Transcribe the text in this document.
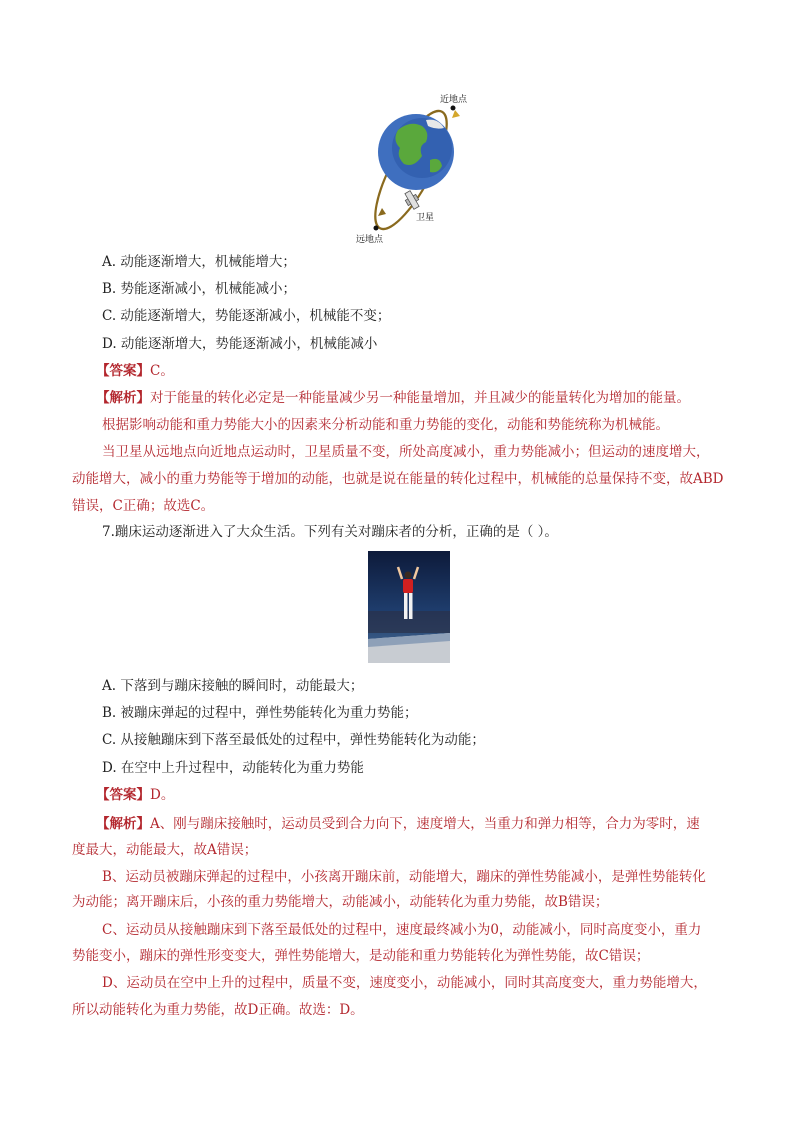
近地点
远地点
卫星
A. 动能逐渐增大，机械能增大；
B. 势能逐渐减小，机械能减小；
C. 动能逐渐增大，势能逐渐减小，机械能不变；
D. 动能逐渐增大，势能逐渐减小，机械能减小
【答案】C。
【解析】对于能量的转化必定是一种能量减少另一种能量增加，并且减少的能量转化为增加的能量。
根据影响动能和重力势能大小的因素来分析动能和重力势能的变化，动能和势能统称为机械能。
当卫星从远地点向近地点运动时，卫星质量不变，所处高度减小，重力势能减小；但运动的速度增大，
动能增大，减小的重力势能等于增加的动能，也就是说在能量的转化过程中，机械能的总量保持不变，故ABD
错误，C正确；故选C。
7.蹦床运动逐渐进入了大众生活。下列有关对蹦床者的分析，正确的是（ ）。
A. 下落到与蹦床接触的瞬间时，动能最大；
B. 被蹦床弹起的过程中，弹性势能转化为重力势能；
C. 从接触蹦床到下落至最低处的过程中，弹性势能转化为动能；
D. 在空中上升过程中，动能转化为重力势能
【答案】D。
【解析】A、刚与蹦床接触时，运动员受到合力向下，速度增大，当重力和弹力相等，合力为零时，速
度最大，动能最大，故A错误；
B、运动员被蹦床弹起的过程中，小孩离开蹦床前，动能增大，蹦床的弹性势能减小，是弹性势能转化
为动能；离开蹦床后，小孩的重力势能增大，动能减小，动能转化为重力势能，故B错误；
C、运动员从接触蹦床到下落至最低处的过程中，速度最终减小为0，动能减小，同时高度变小，重力
势能变小，蹦床的弹性形变变大，弹性势能增大，是动能和重力势能转化为弹性势能，故C错误；
D、运动员在空中上升的过程中，质量不变，速度变小，动能减小，同时其高度变大，重力势能增大，
所以动能转化为重力势能，故D正确。故选：D。
